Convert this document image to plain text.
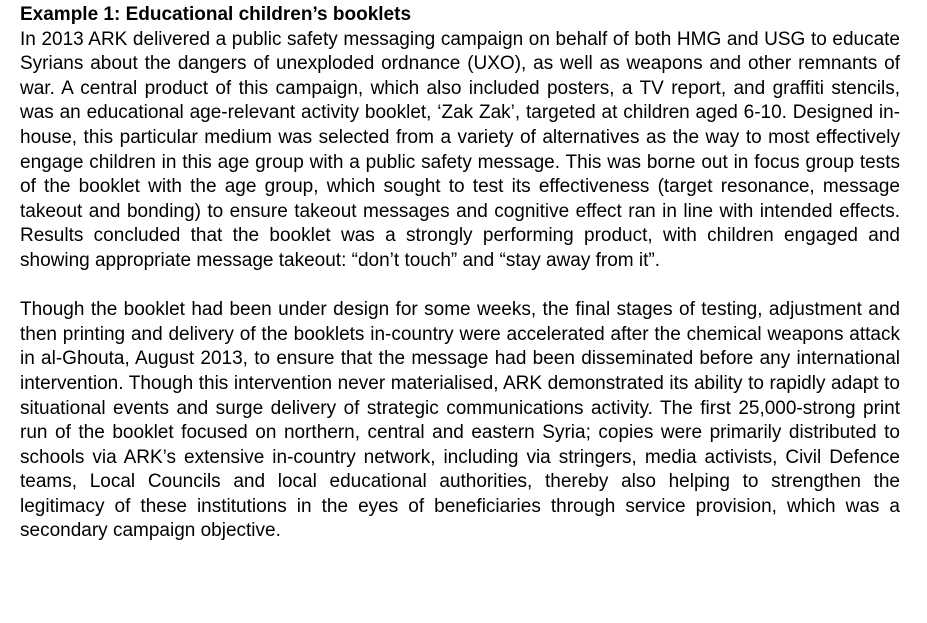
Example 1: Educational children’s booklets

In 2013 ARK delivered a public safety messaging campaign on behalf of both HMG and USG to educate Syrians about the dangers of unexploded ordnance (UXO), as well as weapons and other remnants of war. A central product of this campaign, which also included posters, a TV report, and graffiti stencils, was an educational age-relevant activity booklet, ‘Zak Zak’, targeted at children aged 6-10. Designed in-house, this particular medium was selected from a variety of alternatives as the way to most effectively engage children in this age group with a public safety message. This was borne out in focus group tests of the booklet with the age group, which sought to test its effectiveness (target resonance, message takeout and bonding) to ensure takeout messages and cognitive effect ran in line with intended effects. Results concluded that the booklet was a strongly performing product, with children engaged and showing appropriate message takeout: “don’t touch” and “stay away from it”.

Though the booklet had been under design for some weeks, the final stages of testing, adjustment and then printing and delivery of the booklets in-country were accelerated after the chemical weapons attack in al-Ghouta, August 2013, to ensure that the message had been disseminated before any international intervention. Though this intervention never materialised, ARK demonstrated its ability to rapidly adapt to situational events and surge delivery of strategic communications activity. The first 25,000-strong print run of the booklet focused on northern, central and eastern Syria; copies were primarily distributed to schools via ARK’s extensive in-country network, including via stringers, media activists, Civil Defence teams, Local Councils and local educational authorities, thereby also helping to strengthen the legitimacy of these institutions in the eyes of beneficiaries through service provision, which was a secondary campaign objective.
